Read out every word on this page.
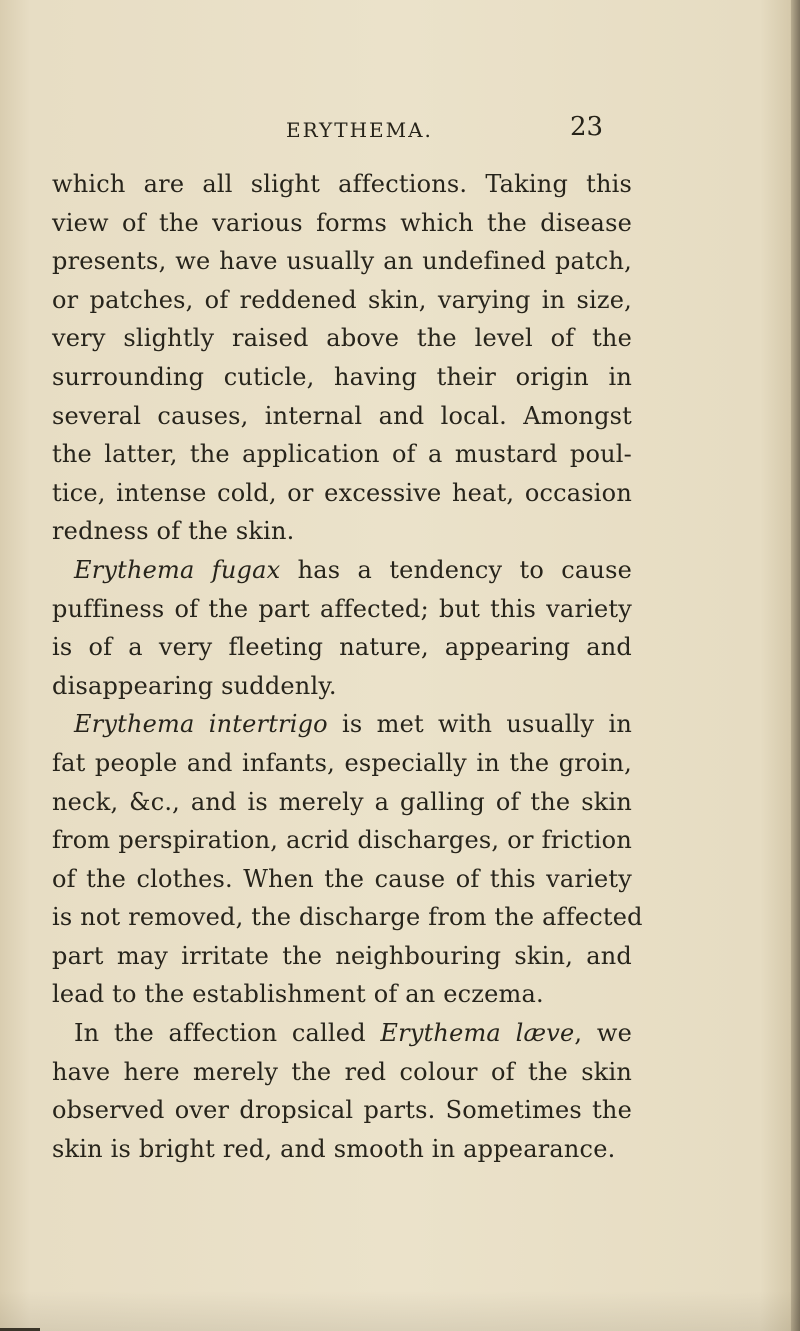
ERYTHEMA.	23
which are all slight affections. Taking this
view of the various forms which the disease
presents, we have usually an undefined patch,
or patches, of reddened skin, varying in size,
very slightly raised above the level of the
surrounding cuticle, having their origin in
several causes, internal and local. Amongst
the latter, the application of a mustard poul-
tice, intense cold, or excessive heat, occasion
redness of the skin.
Erythema fugax has a tendency to cause
puffiness of the part affected; but this variety
is of a very fleeting nature, appearing and
disappearing suddenly.
Erythema intertrigo is met with usually in
fat people and infants, especially in the groin,
neck, &c., and is merely a galling of the skin
from perspiration, acrid discharges, or friction
of the clothes. When the cause of this variety
is not removed, the discharge from the affected
part may irritate the neighbouring skin, and
lead to the establishment of an eczema.
In the affection called Erythema læve, we
have here merely the red colour of the skin
observed over dropsical parts. Sometimes the
skin is bright red, and smooth in appearance.
